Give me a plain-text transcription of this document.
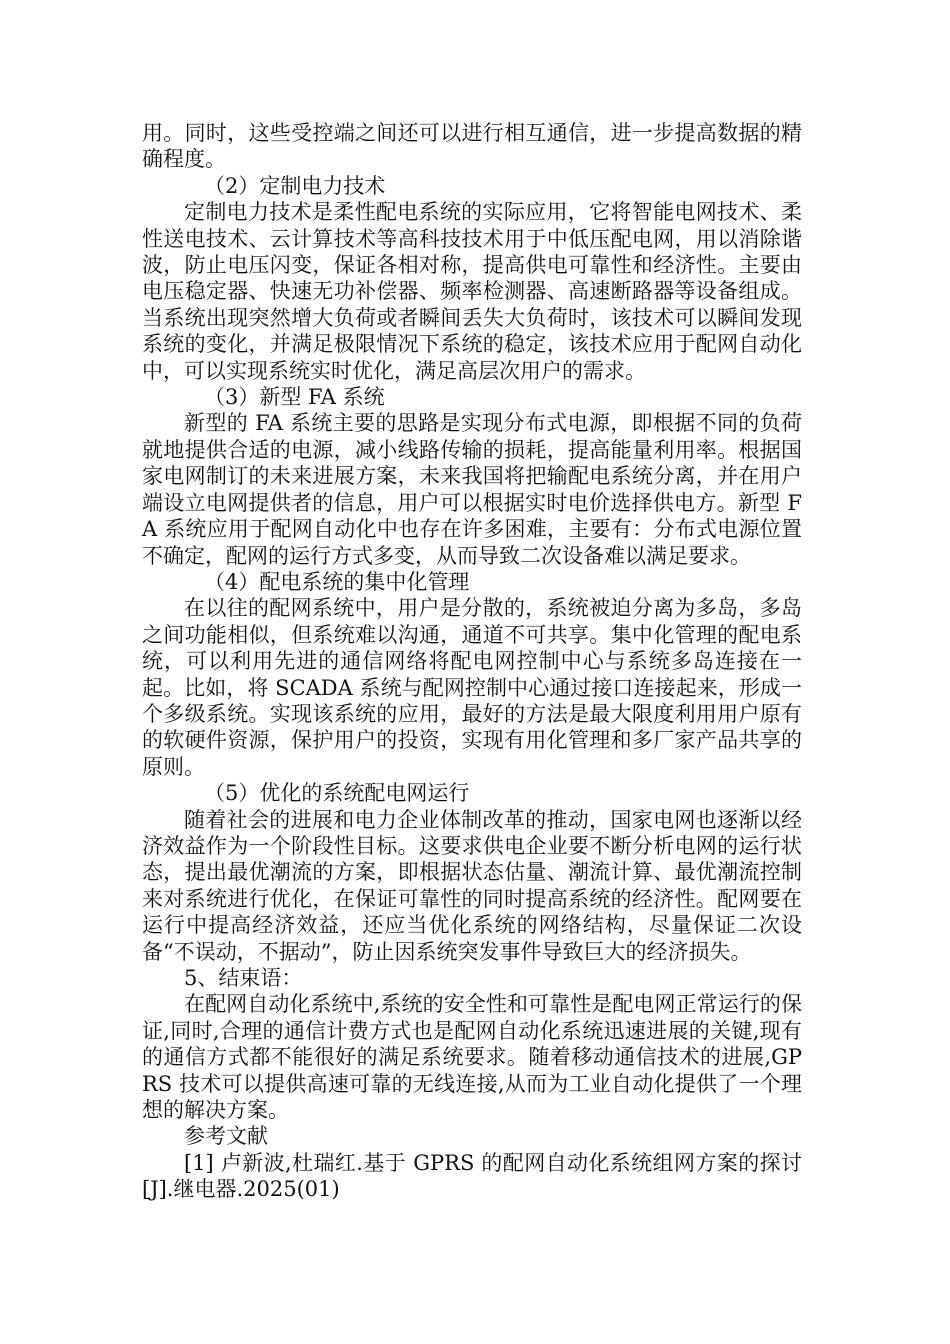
用。同时，这些受控端之间还可以进行相互通信，进一步提高数据的精确程度。

（2）定制电力技术

定制电力技术是柔性配电系统的实际应用，它将智能电网技术、柔性送电技术、云计算技术等高科技技术用于中低压配电网，用以消除谐波，防止电压闪变，保证各相对称，提高供电可靠性和经济性。主要由电压稳定器、快速无功补偿器、频率检测器、高速断路器等设备组成。当系统出现突然增大负荷或者瞬间丢失大负荷时，该技术可以瞬间发现系统的变化，并满足极限情况下系统的稳定，该技术应用于配网自动化中，可以实现系统实时优化，满足高层次用户的需求。

（3）新型 FA 系统

新型的 FA 系统主要的思路是实现分布式电源，即根据不同的负荷就地提供合适的电源，减小线路传输的损耗，提高能量利用率。根据国家电网制订的未来进展方案，未来我国将把输配电系统分离，并在用户端设立电网提供者的信息，用户可以根据实时电价选择供电方。新型 FA 系统应用于配网自动化中也存在许多困难，主要有：分布式电源位置不确定，配网的运行方式多变，从而导致二次设备难以满足要求。

（4）配电系统的集中化管理

在以往的配网系统中，用户是分散的，系统被迫分离为多岛，多岛之间功能相似，但系统难以沟通，通道不可共享。集中化管理的配电系统，可以利用先进的通信网络将配电网控制中心与系统多岛连接在一起。比如，将 SCADA 系统与配网控制中心通过接口连接起来，形成一个多级系统。实现该系统的应用，最好的方法是最大限度利用用户原有的软硬件资源，保护用户的投资，实现有用化管理和多厂家产品共享的原则。

（5）优化的系统配电网运行

随着社会的进展和电力企业体制改革的推动，国家电网也逐渐以经济效益作为一个阶段性目标。这要求供电企业要不断分析电网的运行状态，提出最优潮流的方案，即根据状态估量、潮流计算、最优潮流控制来对系统进行优化，在保证可靠性的同时提高系统的经济性。配网要在运行中提高经济效益，还应当优化系统的网络结构，尽量保证二次设备“不误动，不据动”，防止因系统突发事件导致巨大的经济损失。

5、结束语：

在配网自动化系统中,系统的安全性和可靠性是配电网正常运行的保证,同时,合理的通信计费方式也是配网自动化系统迅速进展的关键,现有的通信方式都不能很好的满足系统要求。随着移动通信技术的进展,GPRS 技术可以提供高速可靠的无线连接,从而为工业自动化提供了一个理想的解决方案。

参考文献

[1] 卢新波,杜瑞红.基于 GPRS 的配网自动化系统组网方案的探讨[J].继电器.2025(01)
